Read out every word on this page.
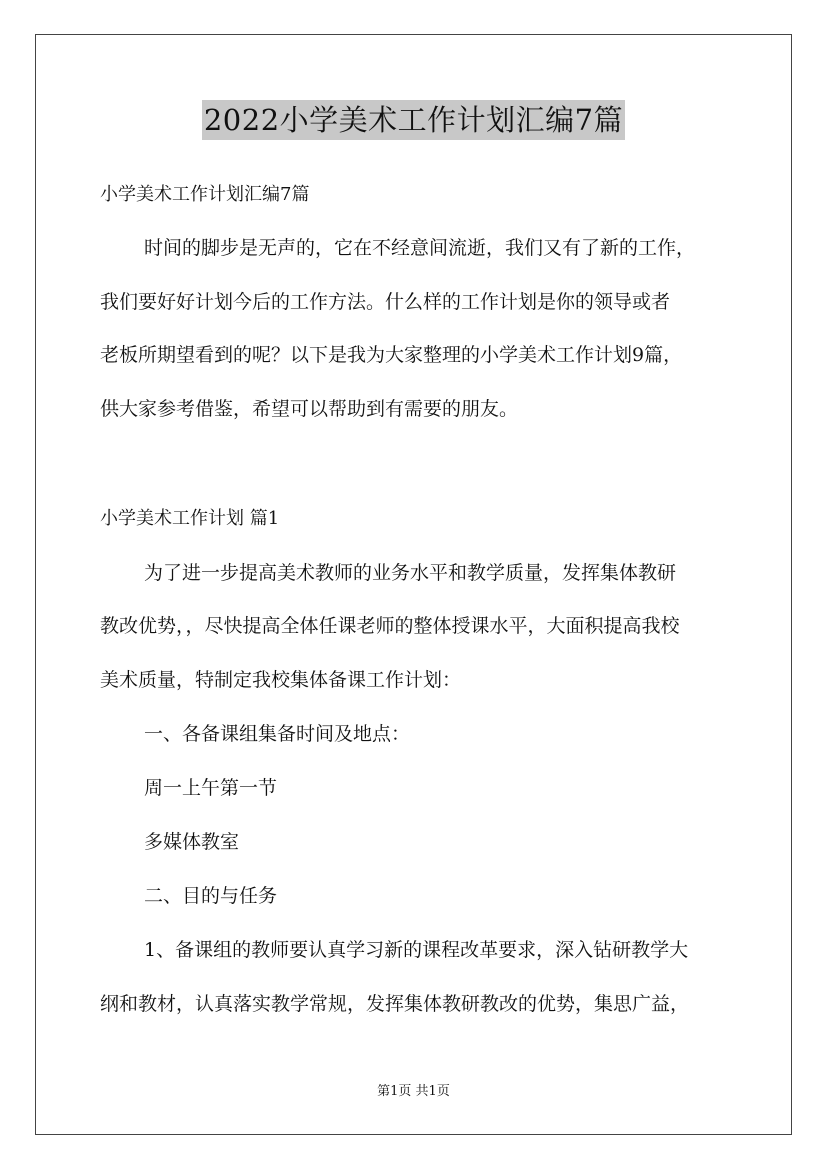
2022小学美术工作计划汇编7篇
小学美术工作计划汇编7篇
时间的脚步是无声的，它在不经意间流逝，我们又有了新的工作，
我们要好好计划今后的工作方法。什么样的工作计划是你的领导或者
老板所期望看到的呢？以下是我为大家整理的小学美术工作计划9篇，
供大家参考借鉴，希望可以帮助到有需要的朋友。
小学美术工作计划 篇1
为了进一步提高美术教师的业务水平和教学质量，发挥集体教研
教改优势，，尽快提高全体任课老师的整体授课水平，大面积提高我校
美术质量，特制定我校集体备课工作计划：
一、各备课组集备时间及地点：
周一上午第一节
多媒体教室
二、目的与任务
1、备课组的教师要认真学习新的课程改革要求，深入钻研教学大
纲和教材，认真落实教学常规，发挥集体教研教改的优势，集思广益，
第1页 共1页
